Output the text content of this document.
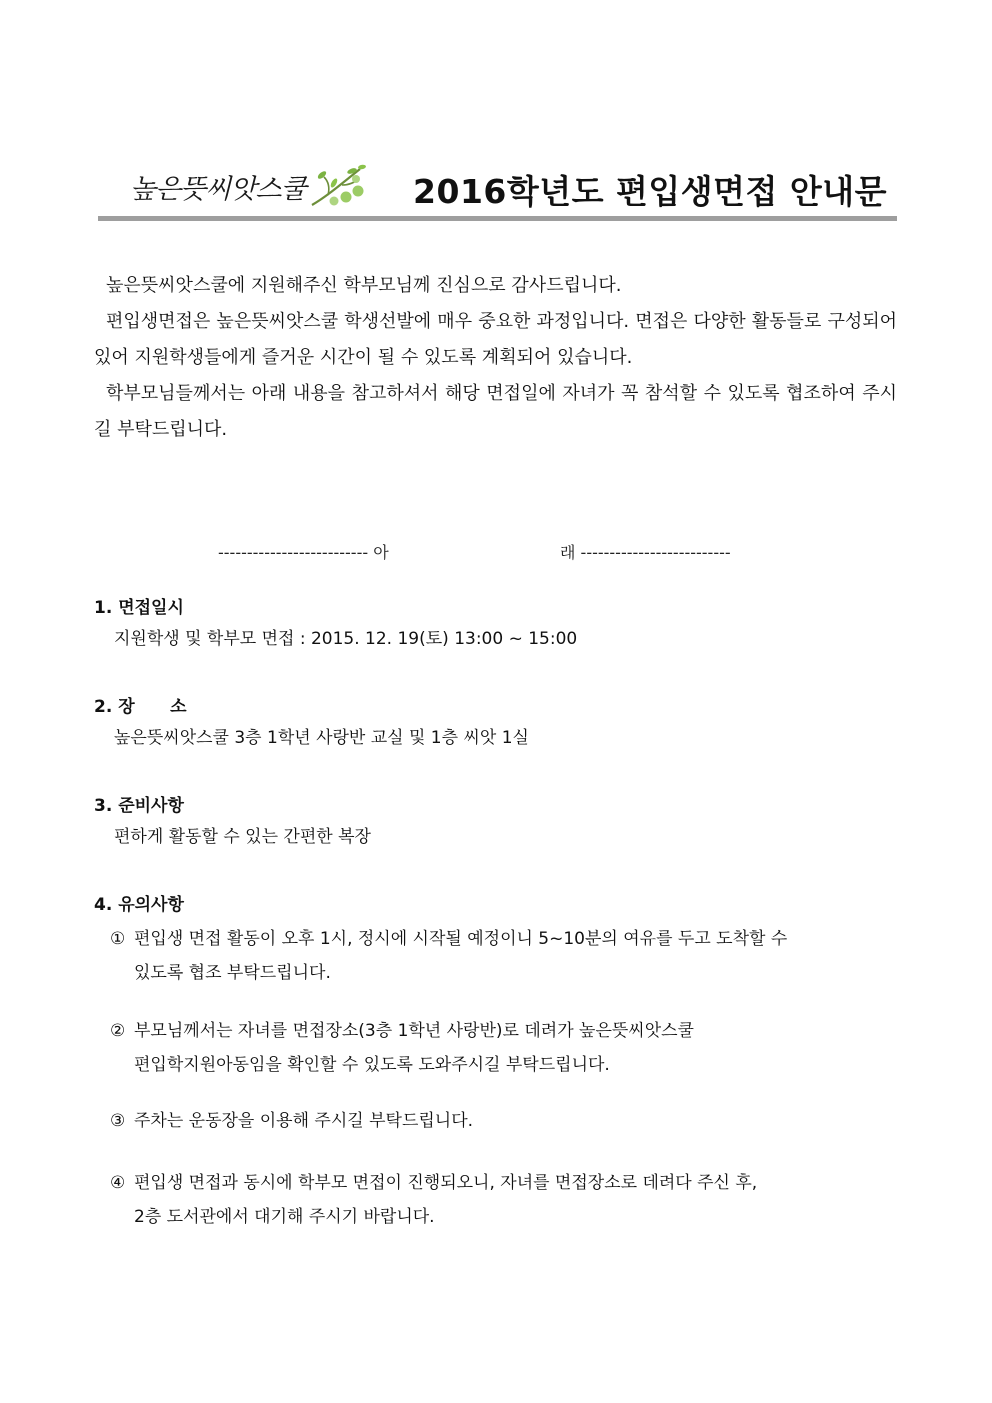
높은뜻씨앗스쿨	2016학년도 편입생면접 안내문

높은뜻씨앗스쿨에 지원해주신 학부모님께 진심으로 감사드립니다.

편입생면접은 높은뜻씨앗스쿨 학생선발에 매우 중요한 과정입니다. 면접은 다양한 활동들로 구성되어 있어 지원학생들에게 즐거운 시간이 될 수 있도록 계획되어 있습니다.

학부모님들께서는 아래 내용을 참고하셔서 해당 면접일에 자녀가 꼭 참석할 수 있도록 협조하여 주시길 부탁드립니다.

-------------------------- 아	래 --------------------------
1. 면접일시
지원학생 및 학부모 면접 : 2015. 12. 19(토) 13:00 ~ 15:00
2. 장      소
높은뜻씨앗스쿨 3층 1학년 사랑반 교실 및 1층 씨앗 1실
3. 준비사항
편하게 활동할 수 있는 간편한 복장
4. 유의사항
① 편입생 면접 활동이 오후 1시, 정시에 시작될 예정이니 5~10분의 여유를 두고 도착할 수
있도록 협조 부탁드립니다.
② 부모님께서는 자녀를 면접장소(3층 1학년 사랑반)로 데려가 높은뜻씨앗스쿨
편입학지원아동임을 확인할 수 있도록 도와주시길 부탁드립니다.
③ 주차는 운동장을 이용해 주시길 부탁드립니다.
④ 편입생 면접과 동시에 학부모 면접이 진행되오니, 자녀를 면접장소로 데려다 주신 후,
2층 도서관에서 대기해 주시기 바랍니다.
